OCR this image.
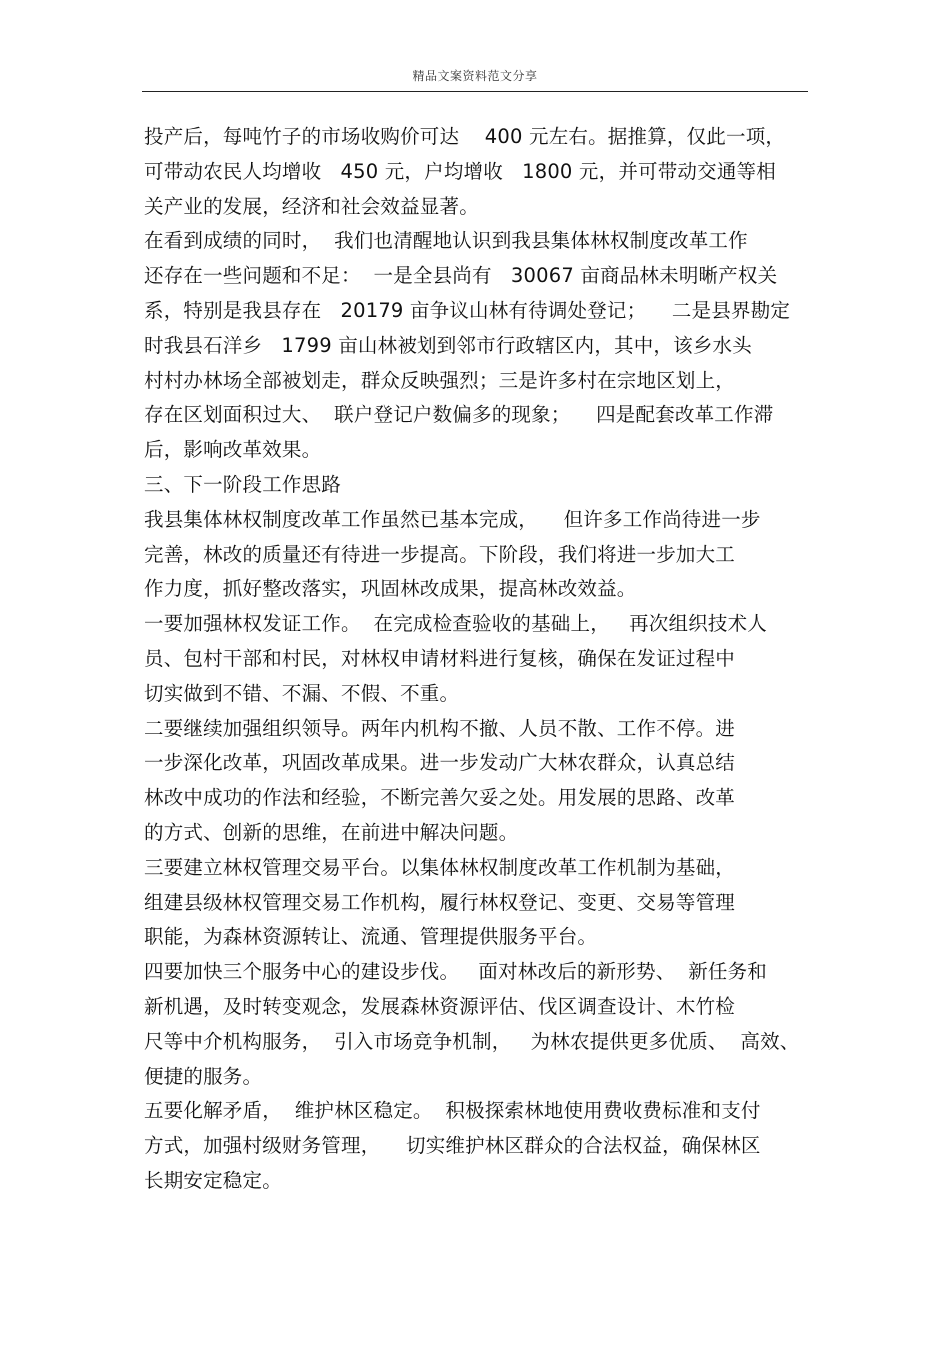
精品文案资料范文分享
投产后，每吨竹子的市场收购价可达    400 元左右。据推算，仅此一项，
可带动农民人均增收   450 元，户均增收   1800 元，并可带动交通等相
关产业的发展，经济和社会效益显著。
在看到成绩的同时，  我们也清醒地认识到我县集体林权制度改革工作
还存在一些问题和不足：  一是全县尚有   30067 亩商品林未明晰产权关
系，特别是我县存在   20179 亩争议山林有待调处登记；    二是县界勘定
时我县石洋乡   1799 亩山林被划到邻市行政辖区内，其中，该乡水头
村村办林场全部被划走，群众反映强烈；三是许多村在宗地区划上，
存在区划面积过大、  联户登记户数偏多的现象；    四是配套改革工作滞
后，影响改革效果。
三、下一阶段工作思路
我县集体林权制度改革工作虽然已基本完成，    但许多工作尚待进一步
完善，林改的质量还有待进一步提高。下阶段，我们将进一步加大工
作力度，抓好整改落实，巩固林改成果，提高林改效益。
一要加强林权发证工作。  在完成检查验收的基础上，   再次组织技术人
员、包村干部和村民，对林权申请材料进行复核，确保在发证过程中
切实做到不错、不漏、不假、不重。
二要继续加强组织领导。两年内机构不撤、人员不散、工作不停。进
一步深化改革，巩固改革成果。进一步发动广大林农群众，认真总结
林改中成功的作法和经验，不断完善欠妥之处。用发展的思路、改革
的方式、创新的思维，在前进中解决问题。
三要建立林权管理交易平台。以集体林权制度改革工作机制为基础，
组建县级林权管理交易工作机构，履行林权登记、变更、交易等管理
职能，为森林资源转让、流通、管理提供服务平台。
四要加快三个服务中心的建设步伐。   面对林改后的新形势、  新任务和
新机遇，及时转变观念，发展森林资源评估、伐区调查设计、木竹检
尺等中介机构服务，  引入市场竞争机制，   为林农提供更多优质、  高效、
便捷的服务。
五要化解矛盾，  维护林区稳定。  积极探索林地使用费收费标准和支付
方式，加强村级财务管理，    切实维护林区群众的合法权益，确保林区
长期安定稳定。
